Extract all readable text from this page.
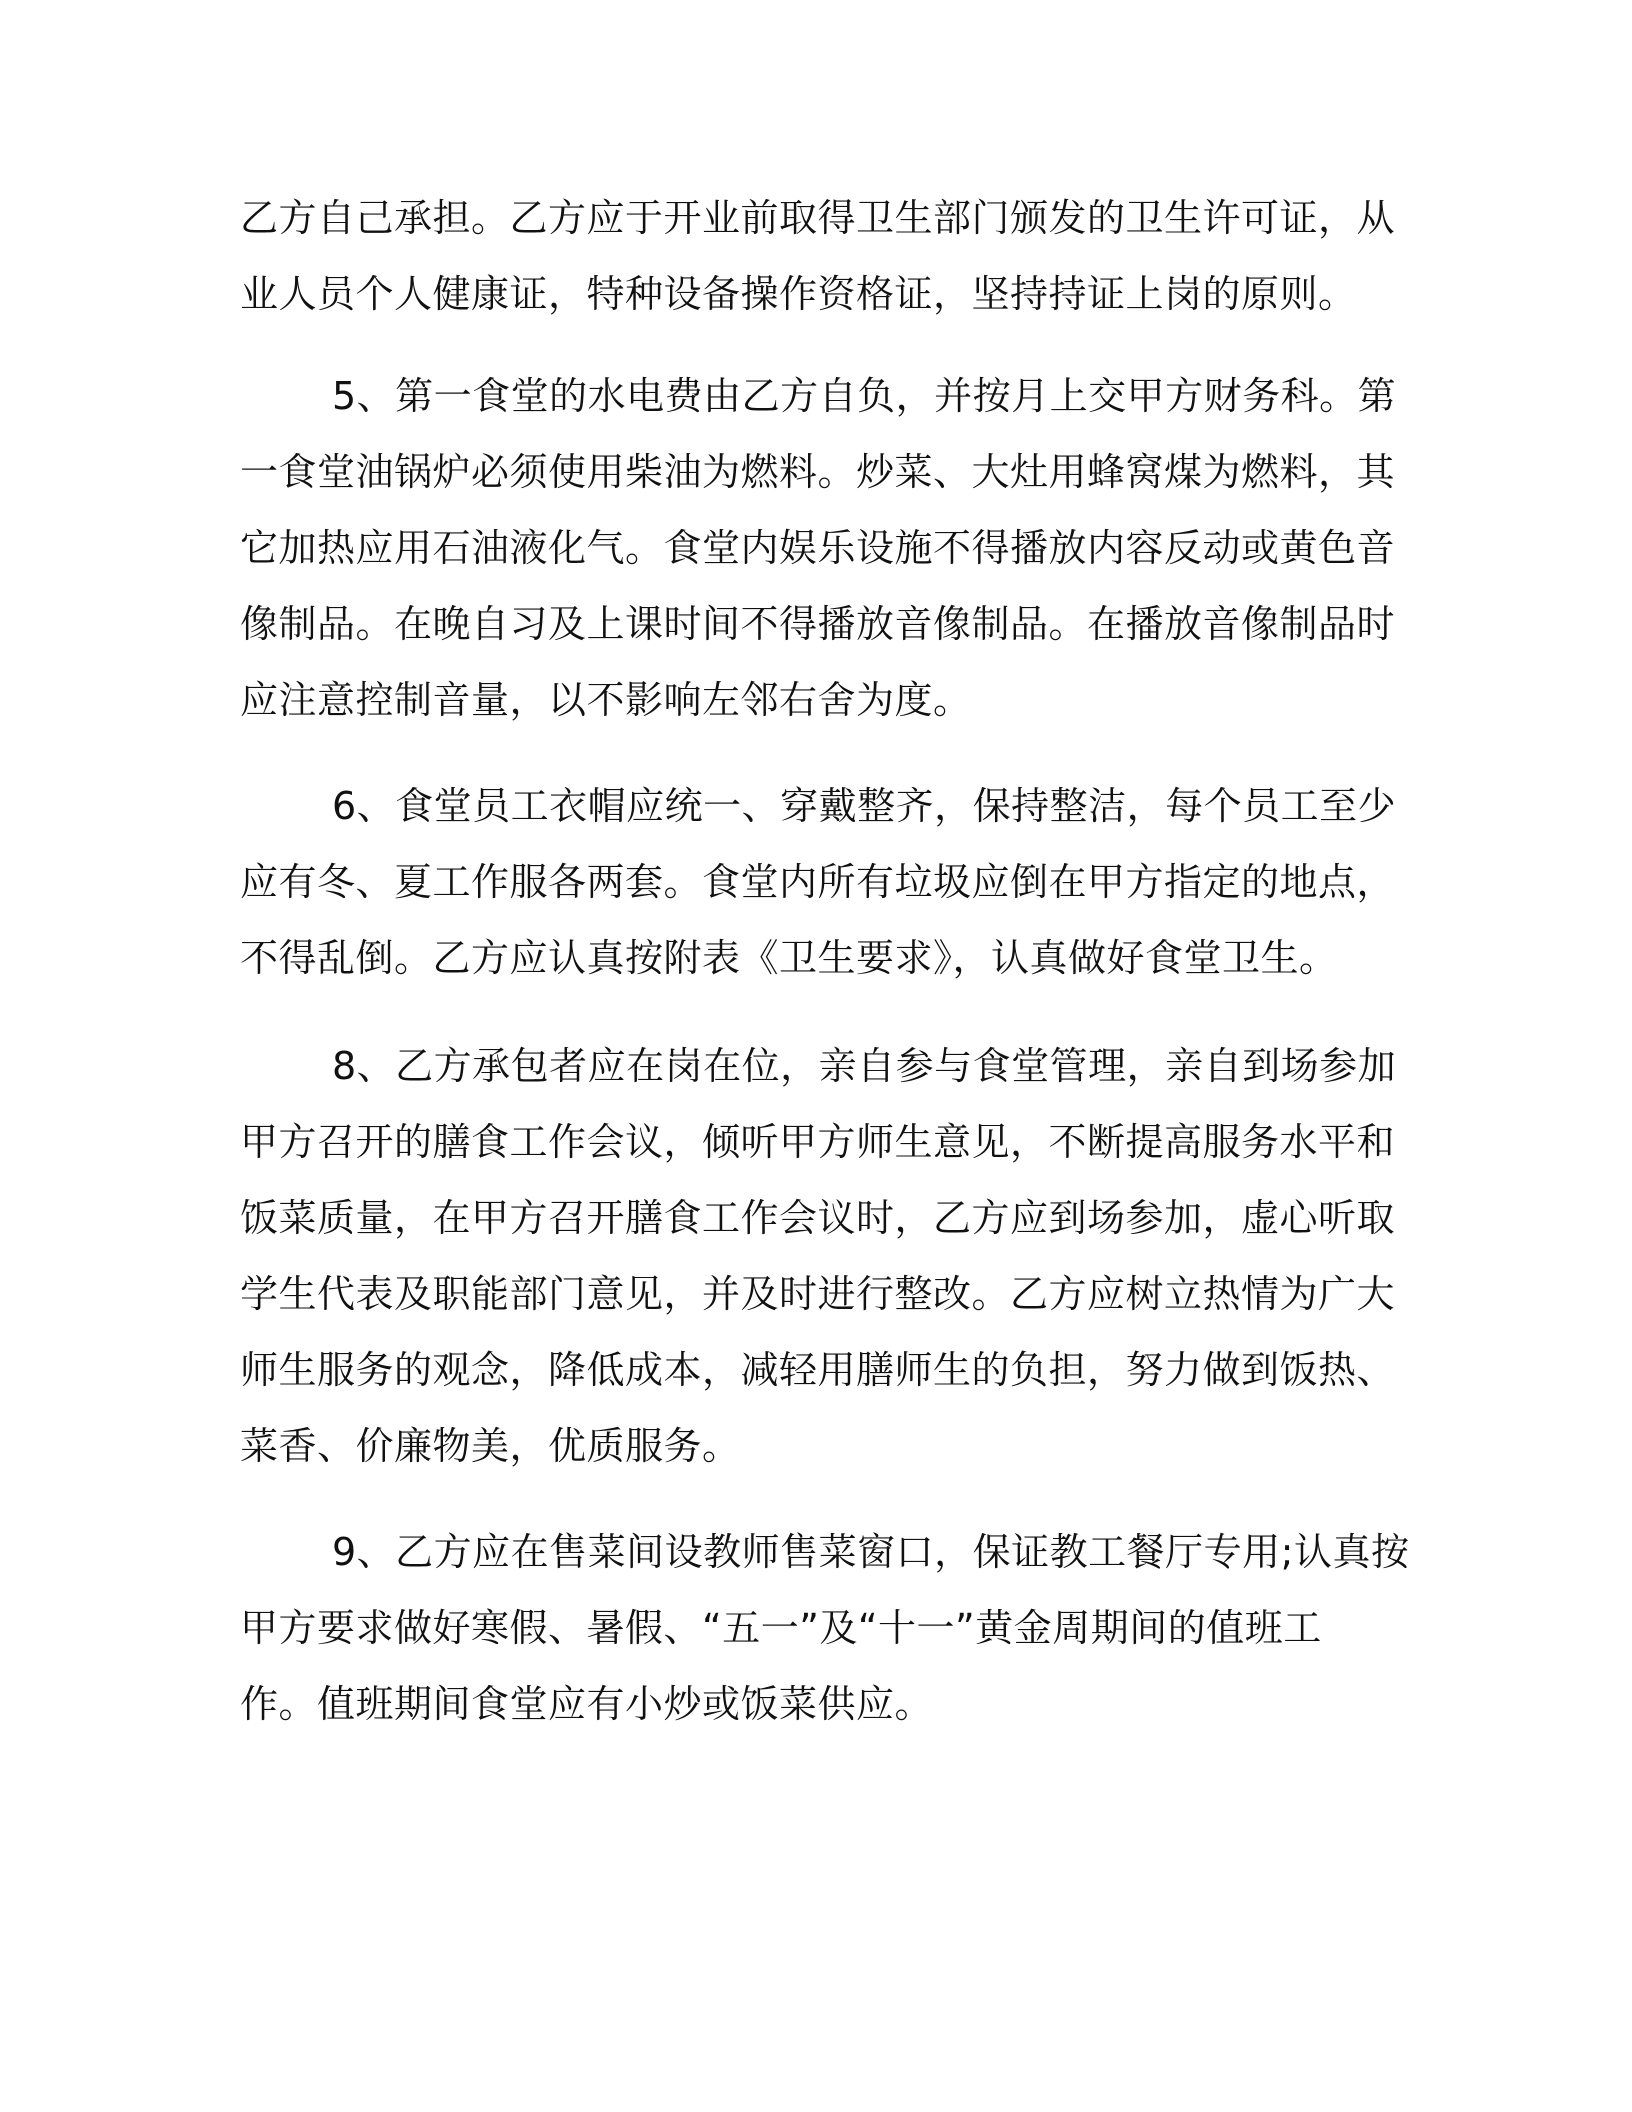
乙方自己承担。乙方应于开业前取得卫生部门颁发的卫生许可证，从
业人员个人健康证，特种设备操作资格证，坚持持证上岗的原则。
5、第一食堂的水电费由乙方自负，并按月上交甲方财务科。第
一食堂油锅炉必须使用柴油为燃料。炒菜、大灶用蜂窝煤为燃料，其
它加热应用石油液化气。食堂内娱乐设施不得播放内容反动或黄色音
像制品。在晚自习及上课时间不得播放音像制品。在播放音像制品时
应注意控制音量，以不影响左邻右舍为度。
6、食堂员工衣帽应统一、穿戴整齐，保持整洁，每个员工至少
应有冬、夏工作服各两套。食堂内所有垃圾应倒在甲方指定的地点，
不得乱倒。乙方应认真按附表《卫生要求》，认真做好食堂卫生。
8、乙方承包者应在岗在位，亲自参与食堂管理，亲自到场参加
甲方召开的膳食工作会议，倾听甲方师生意见，不断提高服务水平和
饭菜质量，在甲方召开膳食工作会议时，乙方应到场参加，虚心听取
学生代表及职能部门意见，并及时进行整改。乙方应树立热情为广大
师生服务的观念，降低成本，减轻用膳师生的负担，努力做到饭热、
菜香、价廉物美，优质服务。
9、乙方应在售菜间设教师售菜窗口，保证教工餐厅专用;认真按
甲方要求做好寒假、暑假、“五一”及“十一”黄金周期间的值班工
作。值班期间食堂应有小炒或饭菜供应。
